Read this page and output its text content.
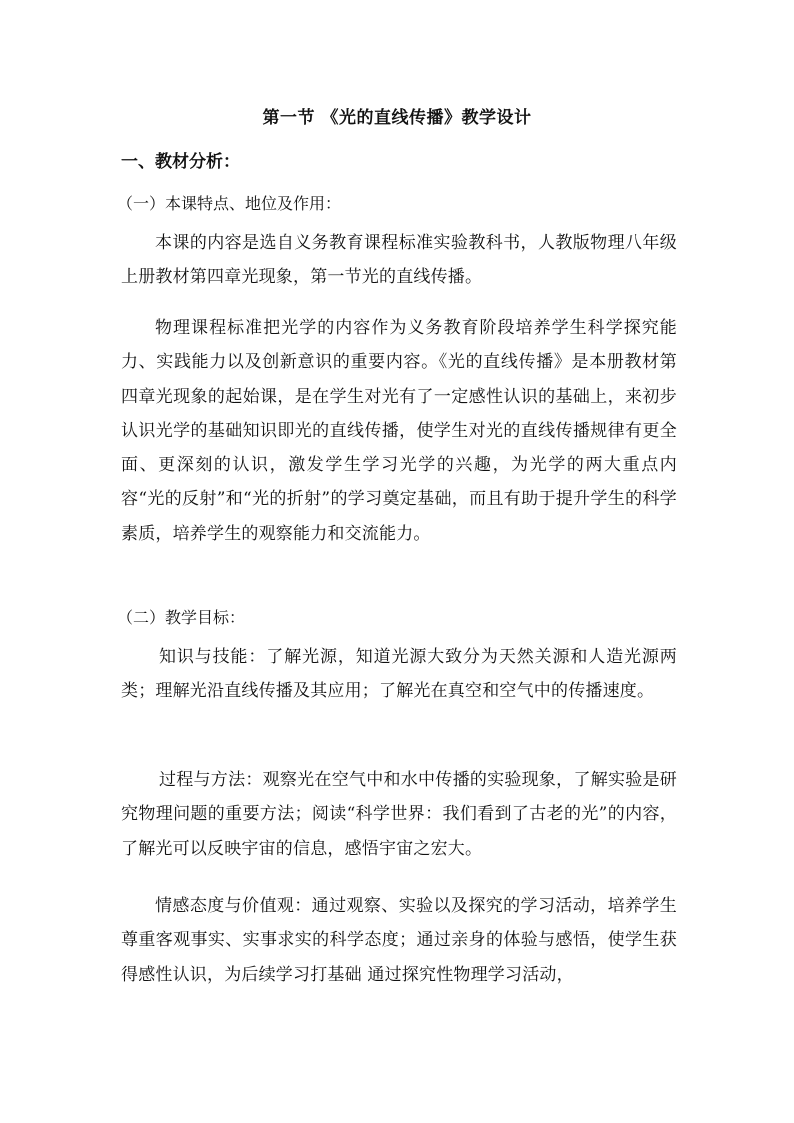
第一节 《光的直线传播》教学设计
一、教材分析：
（一）本课特点、地位及作用：

本课的内容是选自义务教育课程标准实验教科书，人教版物理八年级上册教材第四章光现象，第一节光的直线传播。

物理课程标准把光学的内容作为义务教育阶段培养学生科学探究能力、实践能力以及创新意识的重要内容。《光的直线传播》是本册教材第四章光现象的起始课，是在学生对光有了一定感性认识的基础上，来初步认识光学的基础知识即光的直线传播，使学生对光的直线传播规律有更全面、更深刻的认识，激发学生学习光学的兴趣，为光学的两大重点内容“光的反射”和“光的折射”的学习奠定基础，而且有助于提升学生的科学素质，培养学生的观察能力和交流能力。

（二）教学目标：

知识与技能：了解光源，知道光源大致分为天然关源和人造光源两类；理解光沿直线传播及其应用；了解光在真空和空气中的传播速度。

过程与方法：观察光在空气中和水中传播的实验现象，了解实验是研究物理问题的重要方法；阅读“科学世界：我们看到了古老的光”的内容，了解光可以反映宇宙的信息，感悟宇宙之宏大。

情感态度与价值观：通过观察、实验以及探究的学习活动，培养学生尊重客观事实、实事求实的科学态度；通过亲身的体验与感悟，使学生获得感性认识，为后续学习打基础 通过探究性物理学习活动，
